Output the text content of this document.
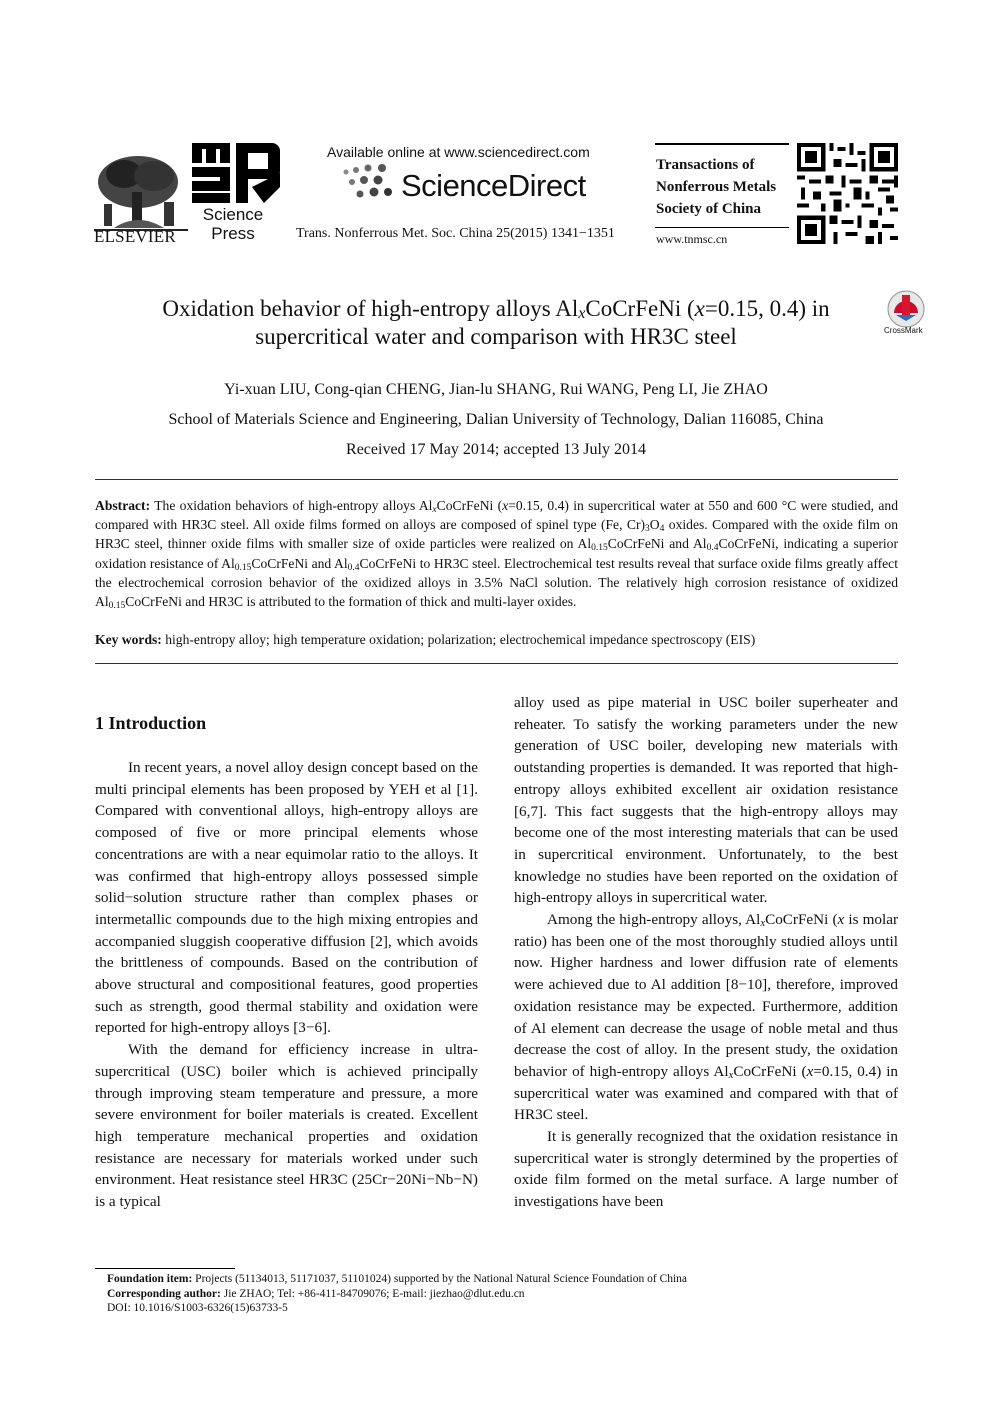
ELSEVIER
Science
Press
Available online at www.sciencedirect.com
ScienceDirect
Trans. Nonferrous Met. Soc. China 25(2015) 1341−1351
Transactions of
Nonferrous Metals
Society of China
www.tnmsc.cn
Oxidation behavior of high-entropy alloys $Al_xCoCrFeNi$ (x=0.15, 0.4) in
supercritical water and comparison with HR3C steel	CrossMark
Yi-xuan LIU, Cong-qian CHENG, Jian-lu SHANG, Rui WANG, Peng LI, Jie ZHAO
School of Materials Science and Engineering, Dalian University of Technology, Dalian 116085, China
Received 17 May 2014; accepted 13 July 2014
Abstract: The oxidation behaviors of high-entropy alloys $Al_xCoCrFeNi$ (x=0.15, 0.4) in supercritical water at 550 and 600 °C were studied, and compared with HR3C steel. All oxide films formed on alloys are composed of spinel type (Fe, $Cr)_3O_4$ oxides. Compared with the oxide film on HR3C steel, thinner oxide films with smaller size of oxide particles were realized on $Al_{0.15}CoCrFeNi$ and $Al_{0.4}CoCrFeNi$, indicating a superior oxidation resistance of $Al_{0.15}CoCrFeNi$ and $Al_{0.4}CoCrFeNi$ to HR3C steel. Electrochemical test results reveal that surface oxide films greatly affect the electrochemical corrosion behavior of the oxidized alloys in 3.5% NaCl solution. The relatively high corrosion resistance of oxidized $Al_{0.15}CoCrFeNi$ and HR3C is attributed to the formation of thick and multi-layer oxides.
Key words: high-entropy alloy; high temperature oxidation; polarization; electrochemical impedance spectroscopy (EIS)
1 Introduction

In recent years, a novel alloy design concept based on the multi principal elements has been proposed by YEH et al [1]. Compared with conventional alloys, high-entropy alloys are composed of five or more principal elements whose concentrations are with a near equimolar ratio to the alloys. It was confirmed that high-entropy alloys possessed simple solid−solution structure rather than complex phases or intermetallic compounds due to the high mixing entropies and accompanied sluggish cooperative diffusion [2], which avoids the brittleness of compounds. Based on the contribution of above structural and compositional features, good properties such as strength, good thermal stability and oxidation were reported for high-entropy alloys [3−6].

With the demand for efficiency increase in ultra-supercritical (USC) boiler which is achieved principally through improving steam temperature and pressure, a more severe environment for boiler materials is created. Excellent high temperature mechanical properties and oxidation resistance are necessary for materials worked under such environment. Heat resistance steel HR3C (25Cr−20Ni−Nb−N) is a typical

alloy used as pipe material in USC boiler superheater and reheater. To satisfy the working parameters under the new generation of USC boiler, developing new materials with outstanding properties is demanded. It was reported that high-entropy alloys exhibited excellent air oxidation resistance [6,7]. This fact suggests that the high-entropy alloys may become one of the most interesting materials that can be used in supercritical environment. Unfortunately, to the best knowledge no studies have been reported on the oxidation of high-entropy alloys in supercritical water.

Among the high-entropy alloys, $Al_xCoCrFeNi$ (x is molar ratio) has been one of the most thoroughly studied alloys until now. Higher hardness and lower diffusion rate of elements were achieved due to Al addition [8−10], therefore, improved oxidation resistance may be expected. Furthermore, addition of Al element can decrease the usage of noble metal and thus decrease the cost of alloy. In the present study, the oxidation behavior of high-entropy alloys $Al_xCoCrFeNi$ (x=0.15, 0.4) in supercritical water was examined and compared with that of HR3C steel.

It is generally recognized that the oxidation resistance in supercritical water is strongly determined by the properties of oxide film formed on the metal surface. A large number of investigations have been

Foundation item: Projects (51134013, 51171037, 51101024) supported by the National Natural Science Foundation of China
Corresponding author: Jie ZHAO; Tel: +86-411-84709076; E-mail: jiezhao@dlut.edu.cn
DOI: 10.1016/S1003-6326(15)63733-5
